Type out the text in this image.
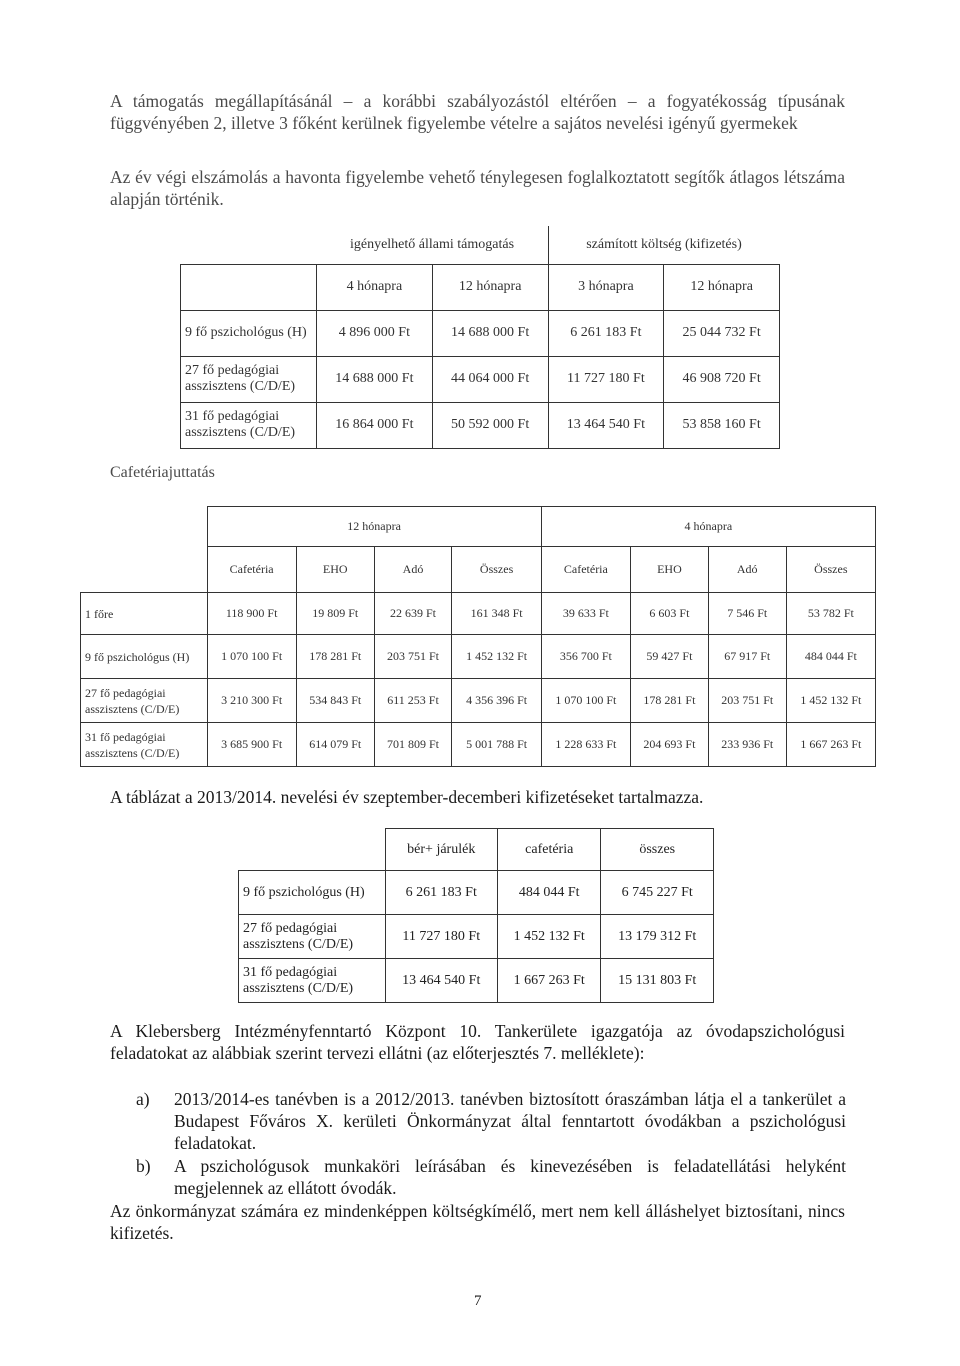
A támogatás megállapításánál – a korábbi szabályozástól eltérően – a fogyatékosság típusának függvényében 2, illetve 3 főként kerülnek figyelembe vételre a sajátos nevelési igényű gyermekek

Az év végi elszámolás a havonta figyelembe vehető ténylegesen foglalkoztatott segítők átlagos létszáma alapján történik.

	igényelhető állami támogatás		számított költség (kifizetés)	
	4 hónapra	12 hónapra	3 hónapra	12 hónapra
9 fő pszichológus (H)	4 896 000 Ft	14 688 000 Ft	6 261 183 Ft	25 044 732 Ft
27 fő pedagógiai asszisztens (C/D/E)	14 688 000 Ft	44 064 000 Ft	11 727 180 Ft	46 908 720 Ft
31 fő pedagógiai asszisztens (C/D/E)	16 864 000 Ft	50 592 000 Ft	13 464 540 Ft	53 858 160 Ft

Cafetériajuttatás

	12 hónapra				4 hónapra			
	Cafetéria	EHO	Adó	Összes	Cafetéria	EHO	Adó	Összes
1 főre	118 900 Ft	19 809 Ft	22 639 Ft	161 348 Ft	39 633 Ft	6 603 Ft	7 546 Ft	53 782 Ft
9 fő pszichológus (H)	1 070 100 Ft	178 281 Ft	203 751 Ft	1 452 132 Ft	356 700 Ft	59 427 Ft	67 917 Ft	484 044 Ft
27 fő pedagógiai asszisztens (C/D/E)	3 210 300 Ft	534 843 Ft	611 253 Ft	4 356 396 Ft	1 070 100 Ft	178 281 Ft	203 751 Ft	1 452 132 Ft
31 fő pedagógiai asszisztens (C/D/E)	3 685 900 Ft	614 079 Ft	701 809 Ft	5 001 788 Ft	1 228 633 Ft	204 693 Ft	233 936 Ft	1 667 263 Ft

A táblázat a 2013/2014. nevelési év szeptember-decemberi kifizetéseket tartalmazza.

	bér+ járulék	cafetéria	összes
9 fő pszichológus (H)	6 261 183 Ft	484 044 Ft	6 745 227 Ft
27 fő pedagógiai asszisztens (C/D/E)	11 727 180 Ft	1 452 132 Ft	13 179 312 Ft
31 fő pedagógiai asszisztens (C/D/E)	13 464 540 Ft	1 667 263 Ft	15 131 803 Ft

A Klebersberg Intézményfenntartó Központ 10. Tankerülete igazgatója az óvodapszichológusi feladatokat az alábbiak szerint tervezi ellátni (az előterjesztés 7. melléklete):

a) 2013/2014-es tanévben is a 2012/2013. tanévben biztosított óraszámban látja el a tankerület a Budapest Főváros X. kerületi Önkormányzat által fenntartott óvodákban a pszichológusi feladatokat.
b) A pszichológusok munkaköri leírásában és kinevezésében is feladatellátási helyként megjelennek az ellátott óvodák.

Az önkormányzat számára ez mindenképpen költségkímélő, mert nem kell álláshelyet biztosítani, nincs kifizetés.

7
